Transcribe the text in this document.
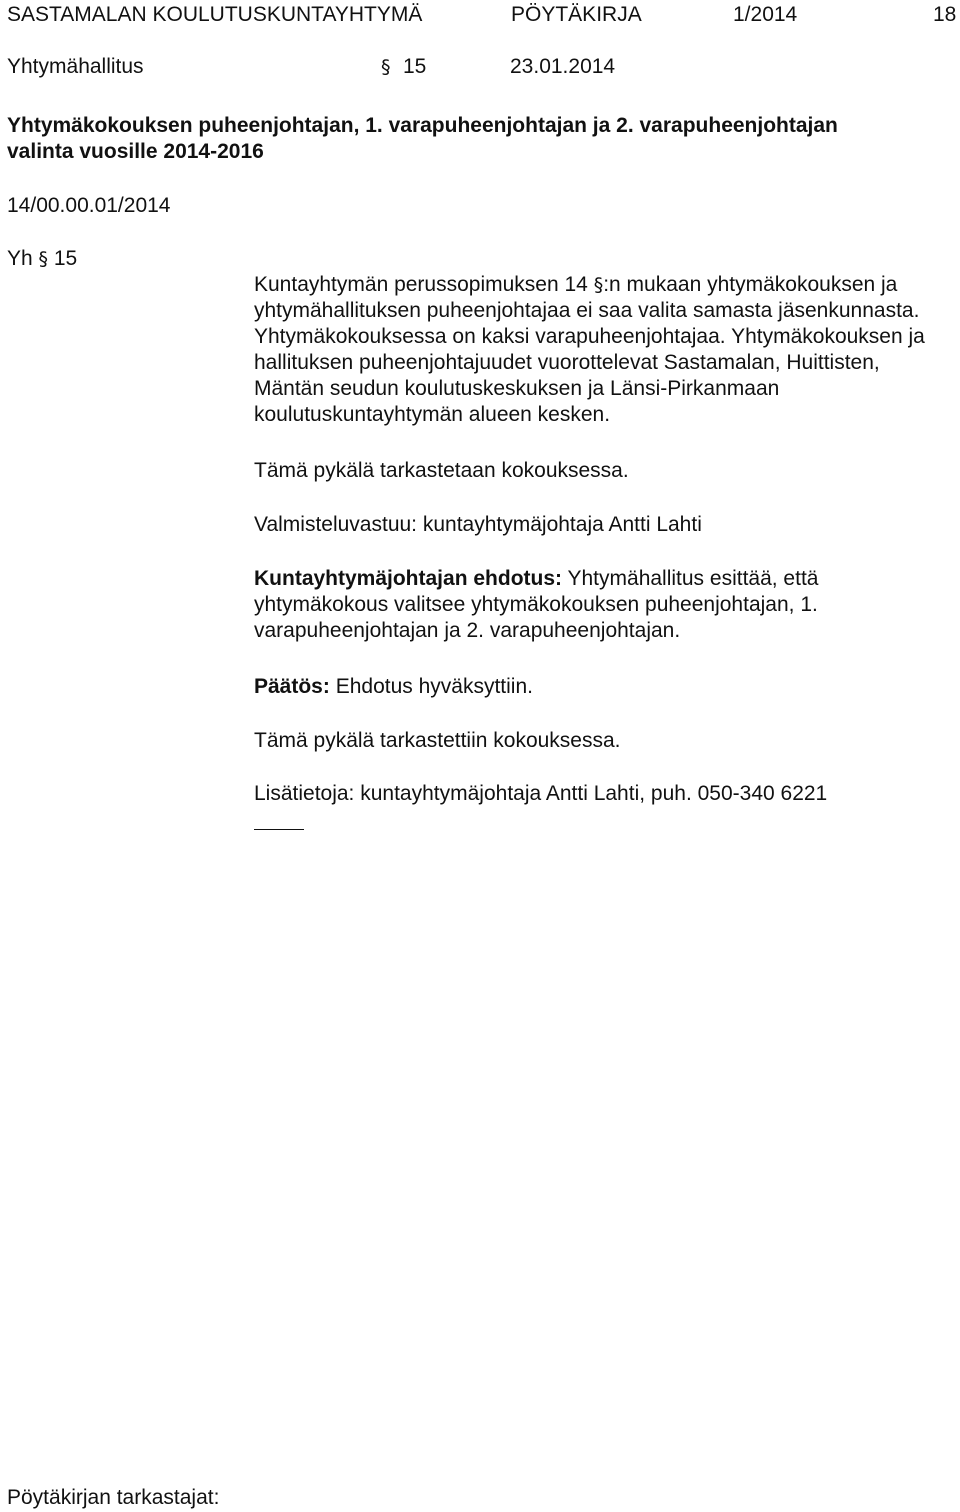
SASTAMALAN KOULUTUSKUNTAYHTYMÄ	PÖYTÄKIRJA	1/2014	18
Yhtymähallitus	§ 15	23.01.2014
Yhtymäkokouksen puheenjohtajan, 1. varapuheenjohtajan ja 2. varapuheenjohtajan
valinta vuosille 2014-2016
14/00.00.01/2014
Yh § 15
Kuntayhtymän perussopimuksen 14 §:n mukaan yhtymäkokouksen ja yhtymähallituksen puheenjohtajaa ei saa valita samasta jäsenkunnasta. Yhtymäkokouksessa on kaksi varapuheenjohtajaa. Yhtymäkokouksen ja hallituksen puheenjohtajuudet vuorottelevat Sastamalan, Huittisten, Mäntän seudun koulutuskeskuksen ja Länsi-Pirkanmaan koulutuskuntayhtymän alueen kesken.
Tämä pykälä tarkastetaan kokouksessa.
Valmisteluvastuu: kuntayhtymäjohtaja Antti Lahti
Kuntayhtymäjohtajan ehdotus: Yhtymähallitus esittää, että yhtymäkokous valitsee yhtymäkokouksen puheenjohtajan, 1. varapuheenjohtajan ja 2. varapuheenjohtajan.
Päätös: Ehdotus hyväksyttiin.
Tämä pykälä tarkastettiin kokouksessa.
Lisätietoja: kuntayhtymäjohtaja Antti Lahti, puh. 050-340 6221
Pöytäkirjan tarkastajat:
